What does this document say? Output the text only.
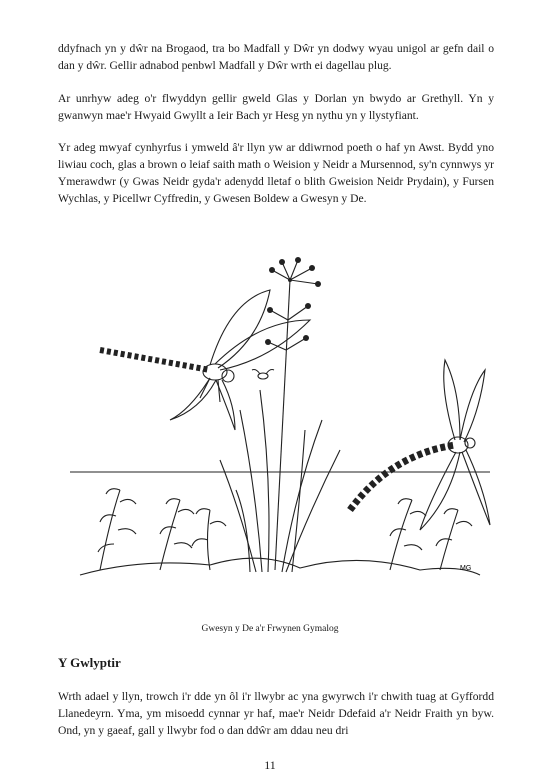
ddyfnach yn y dŵr na Brogaod, tra bo Madfall y Dŵr yn dodwy wyau unigol ar gefn dail o dan y dŵr. Gellir adnabod penbwl Madfall y Dŵr wrth ei dagellau plug.

Ar unrhyw adeg o'r flwyddyn gellir gweld Glas y Dorlan yn bwydo ar Grethyll. Yn y gwanwyn mae'r Hwyaid Gwyllt a Ieir Bach yr Hesg yn nythu yn y llystyfiant.

Yr adeg mwyaf cynhyrfus i ymweld â'r llyn yw ar ddiwrnod poeth o haf yn Awst. Bydd yno liwiau coch, glas a brown o leiaf saith math o Weision y Neidr a Mursennod, sy'n cynnwys yr Ymerawdwr (y Gwas Neidr gyda'r adenydd lletaf o blith Gweision Neidr Prydain), y Fursen Wychlas, y Picellwr Cyffredin, y Gwesen Boldew a Gwesyn y De.

MG
Gwesyn y De a'r Frwynen Gymalog
Y Gwlyptir

Wrth adael y llyn, trowch i'r dde yn ôl i'r llwybr ac yna gwyrwch i'r chwith tuag at Gyffordd Llanedeyrn. Yma, ym misoedd cynnar yr haf, mae'r Neidr Ddefaid a'r Neidr Fraith yn byw. Ond, yn y gaeaf, gall y llwybr fod o dan ddŵr am ddau neu dri

11
